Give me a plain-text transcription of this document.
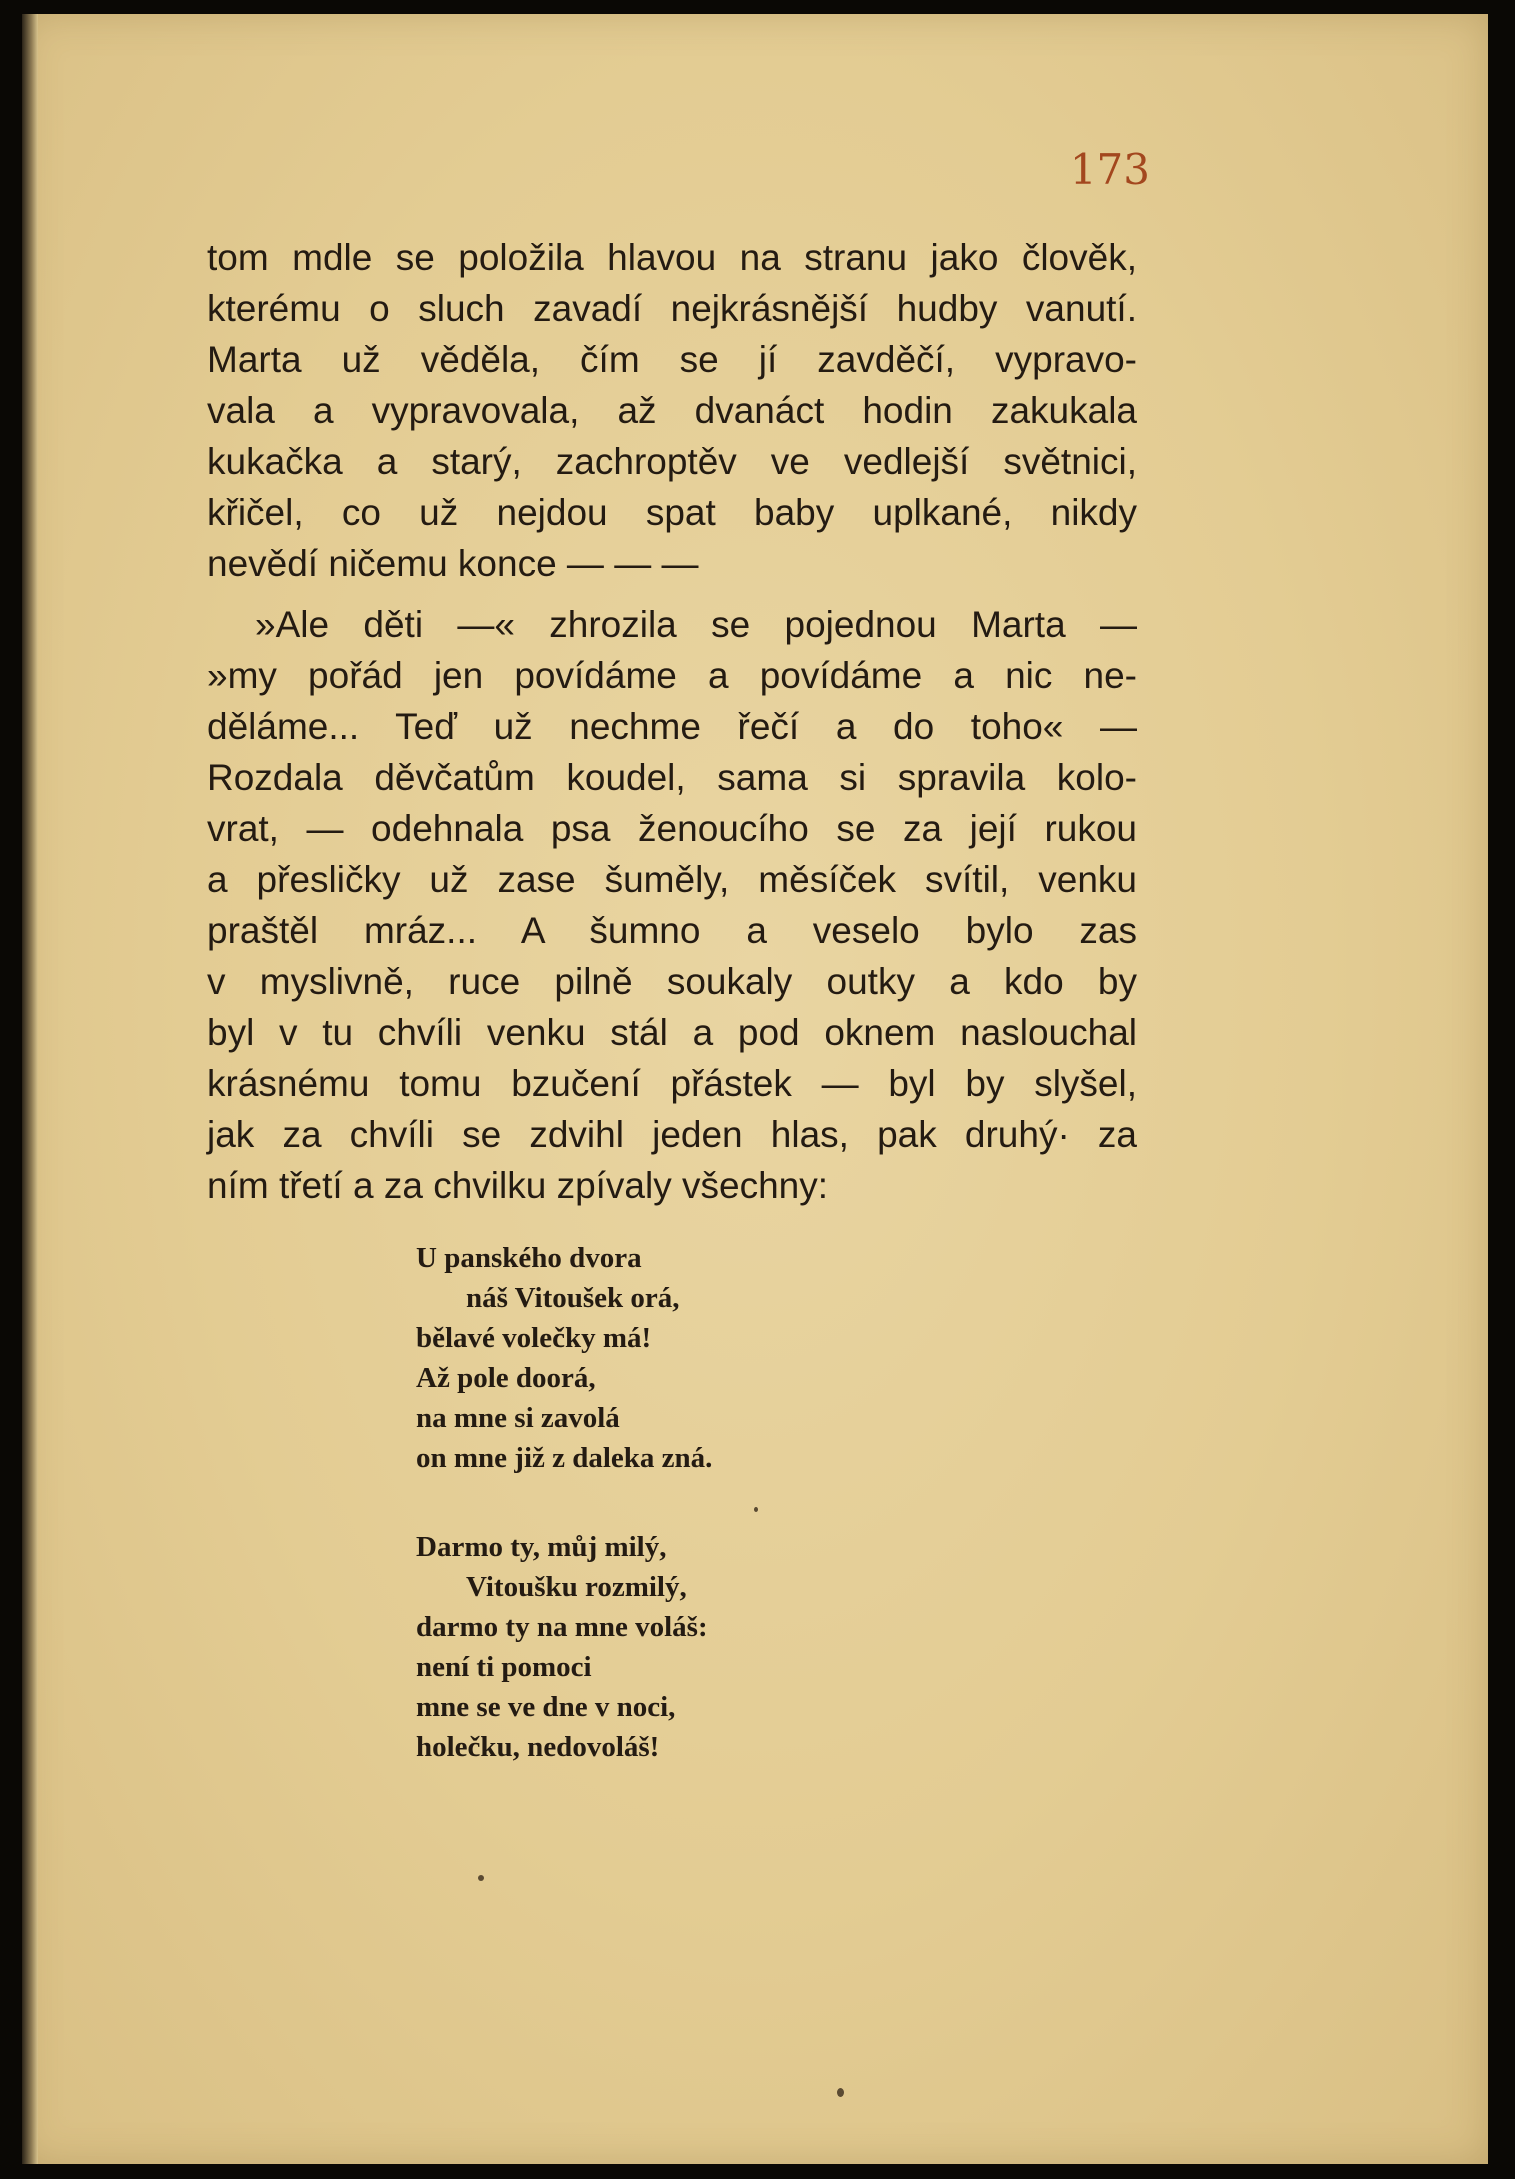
173

tom mdle se položila hlavou na stranu jako člověk,
kterému o sluch zavadí nejkrásnější hudby vanutí.
Marta už věděla, čím se jí zavděčí, vypravo-
vala a vypravovala, až dvanáct hodin zakukala
kukačka a starý, zachroptěv ve vedlejší světnici,
křičel, co už nejdou spat baby uplkané, nikdy
nevědí ničemu konce — — —
»Ale děti —« zhrozila se pojednou Marta —
»my pořád jen povídáme a povídáme a nic ne-
děláme... Teď už nechme řečí a do toho« —
Rozdala děvčatům koudel, sama si spravila kolo-
vrat, — odehnala psa ženoucího se za její rukou
a přesličky už zase šuměly, měsíček svítil, venku
praštěl mráz... A šumno a veselo bylo zas
v myslivně, ruce pilně soukaly outky a kdo by
byl v tu chvíli venku stál a pod oknem naslouchal
krásnému tomu bzučení přástek — byl by slyšel,
jak za chvíli se zdvihl jeden hlas, pak druhý· za
ním třetí a za chvilku zpívaly všechny:
U panského dvora
náš Vitoušek orá,
bělavé volečky má!
Až pole doorá,
na mne si zavolá
on mne již z daleka zná.
Darmo ty, můj milý,
Vitoušku rozmilý,
darmo ty na mne voláš:
není ti pomoci
mne se ve dne v noci,
holečku, nedovoláš!
